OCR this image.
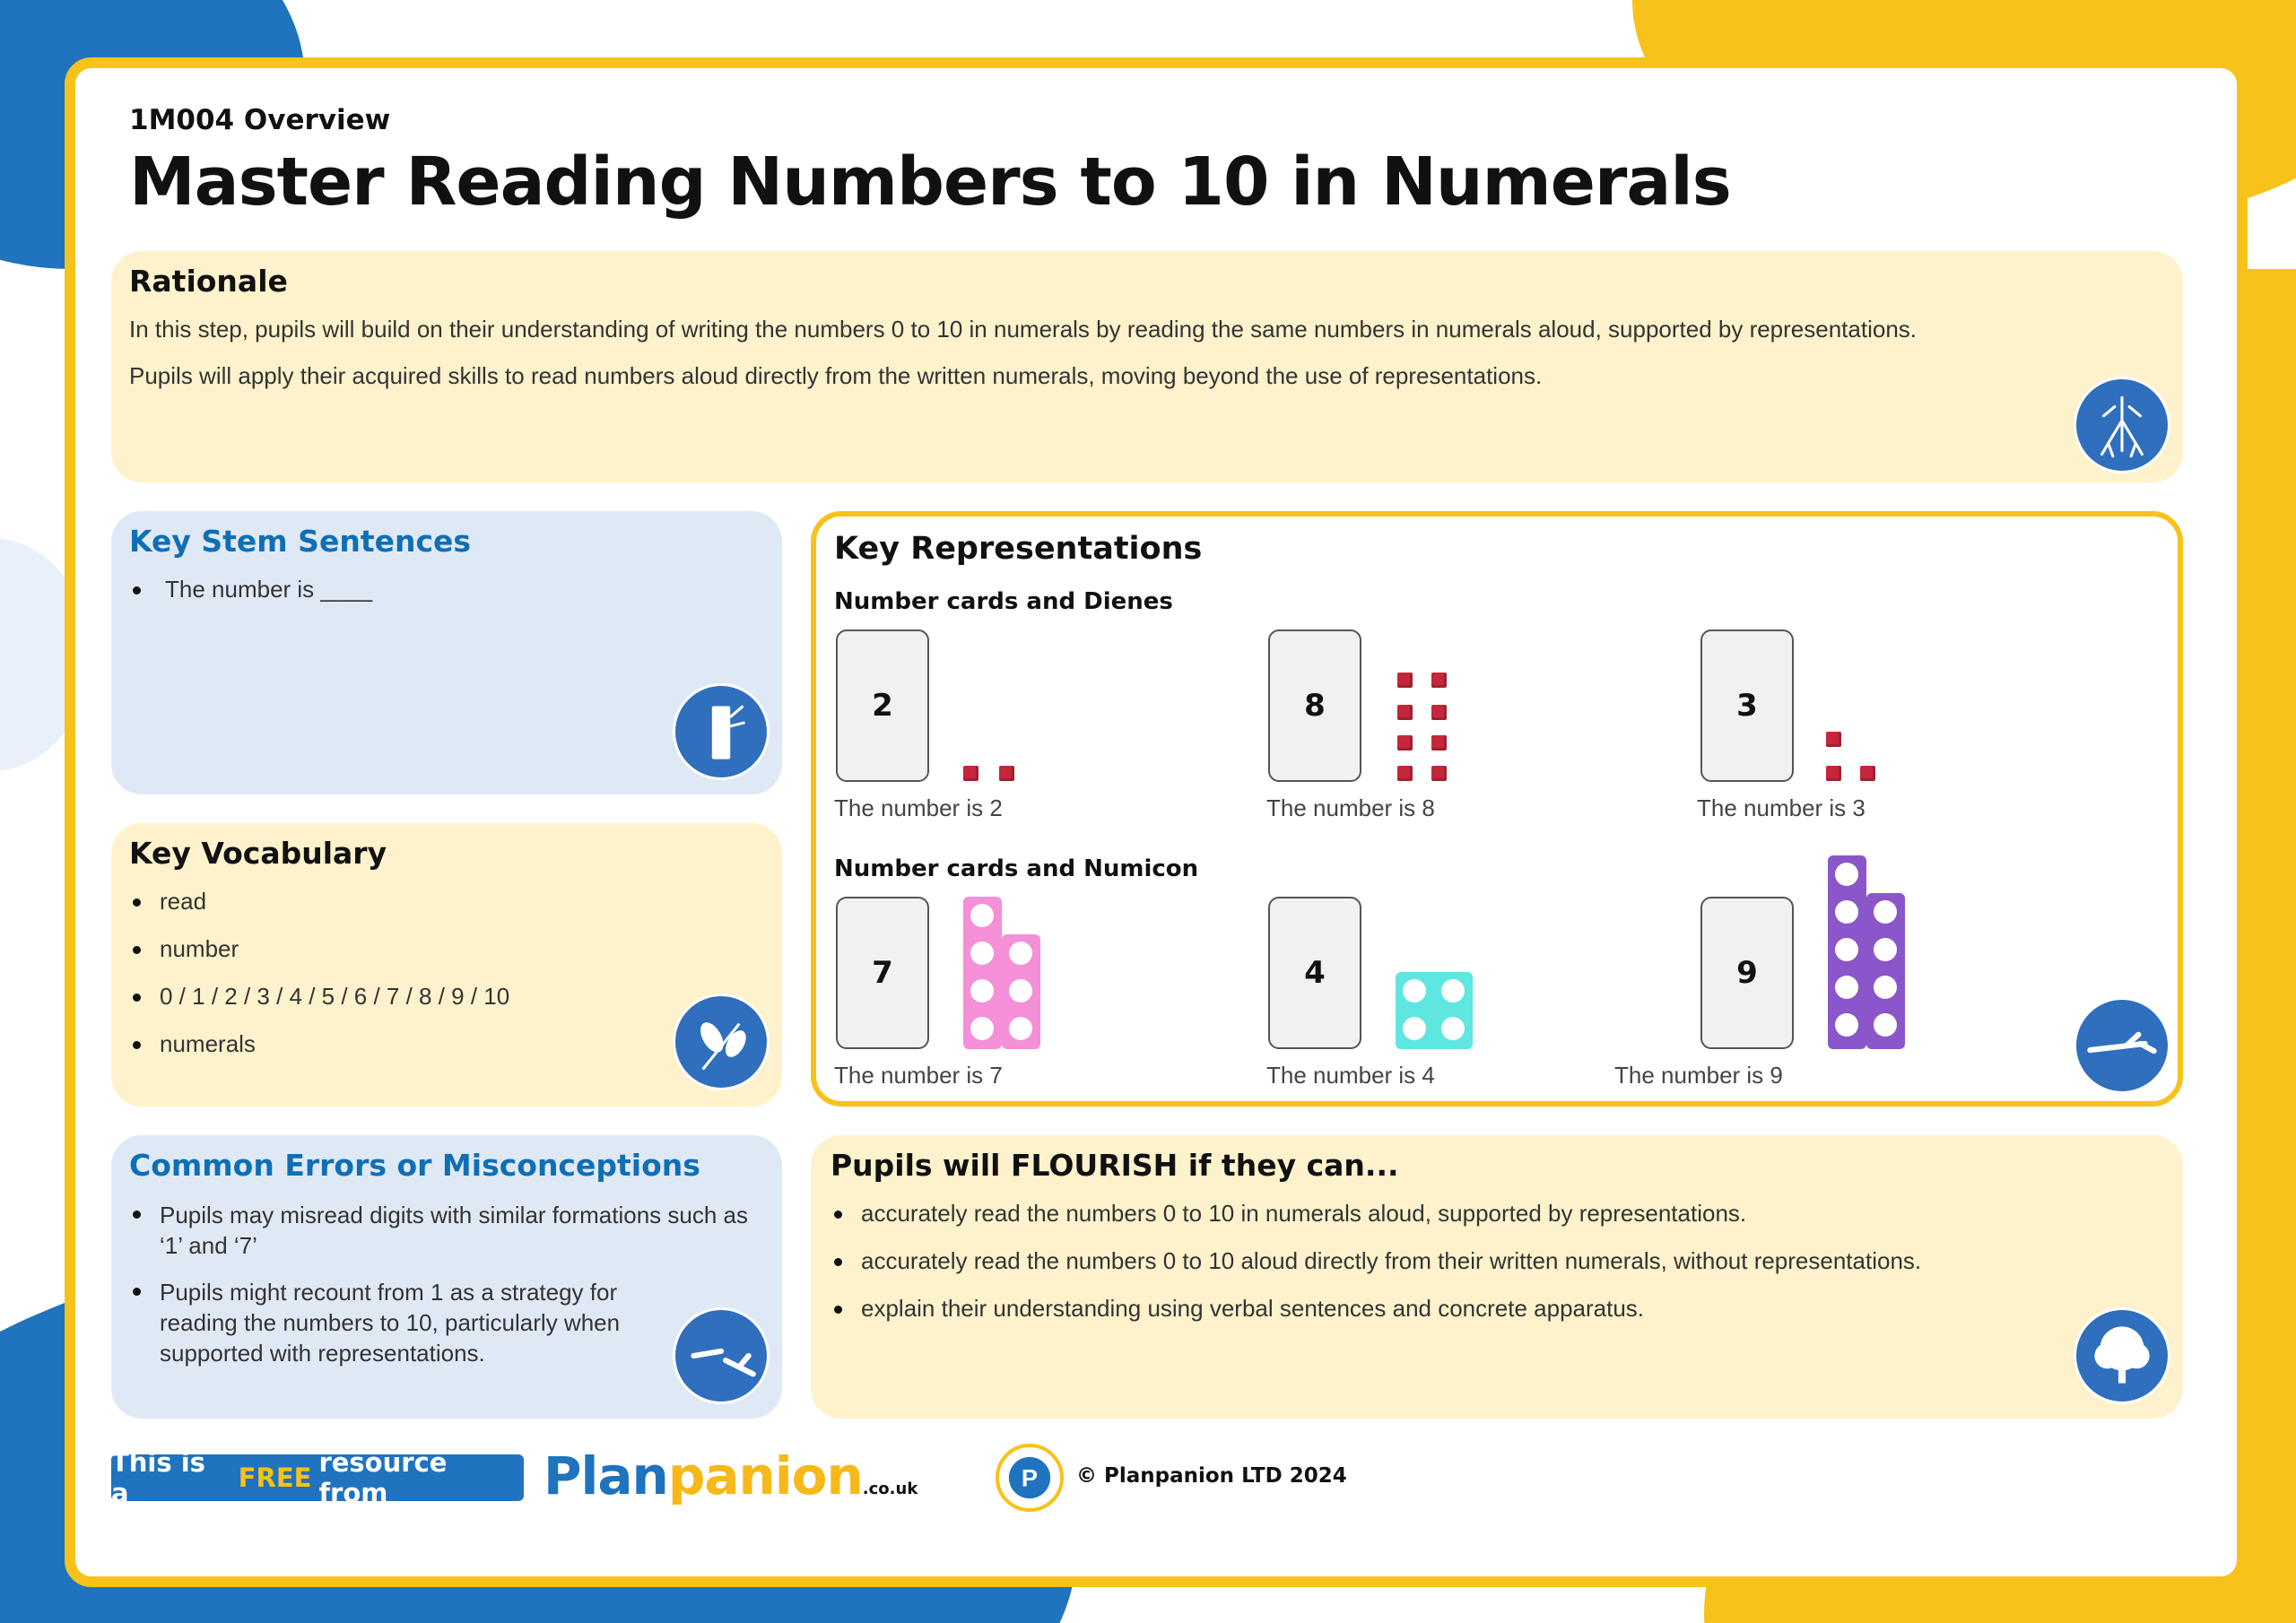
1M004 Overview
Master Reading Numbers to 10 in Numerals
Rationale
In this step, pupils will build on their understanding of writing the numbers 0 to 10 in numerals by reading the same numbers in numerals aloud, supported by representations.
Pupils will apply their acquired skills to read numbers aloud directly from the written numerals, moving beyond the use of representations.
Key Stem Sentences
The number is ____
Key Vocabulary
read
number
0 / 1 / 2 / 3 / 4 / 5 / 6 / 7 / 8 / 9 / 10
numerals
Common Errors or Misconceptions
Pupils may misread digits with similar formations such as ‘1’ and ‘7’
Pupils might recount from 1 as a strategy for reading the numbers to 10, particularly when supported with representations.
Key Representations
Number cards and Dienes
2
The number is 2
8
The number is 8
3
The number is 3
Number cards and Numicon
7
The number is 7
4
The number is 4
9
The number is 9
Pupils will FLOURISH if they can...
accurately read the numbers 0 to 10 in numerals aloud, supported by representations.
accurately read the numbers 0 to 10 aloud directly from their written numerals, without representations.
explain their understanding using verbal sentences and concrete apparatus.
This is a	FREE resource from	Planpanion.co.uk	P © Planpanion LTD 2024
